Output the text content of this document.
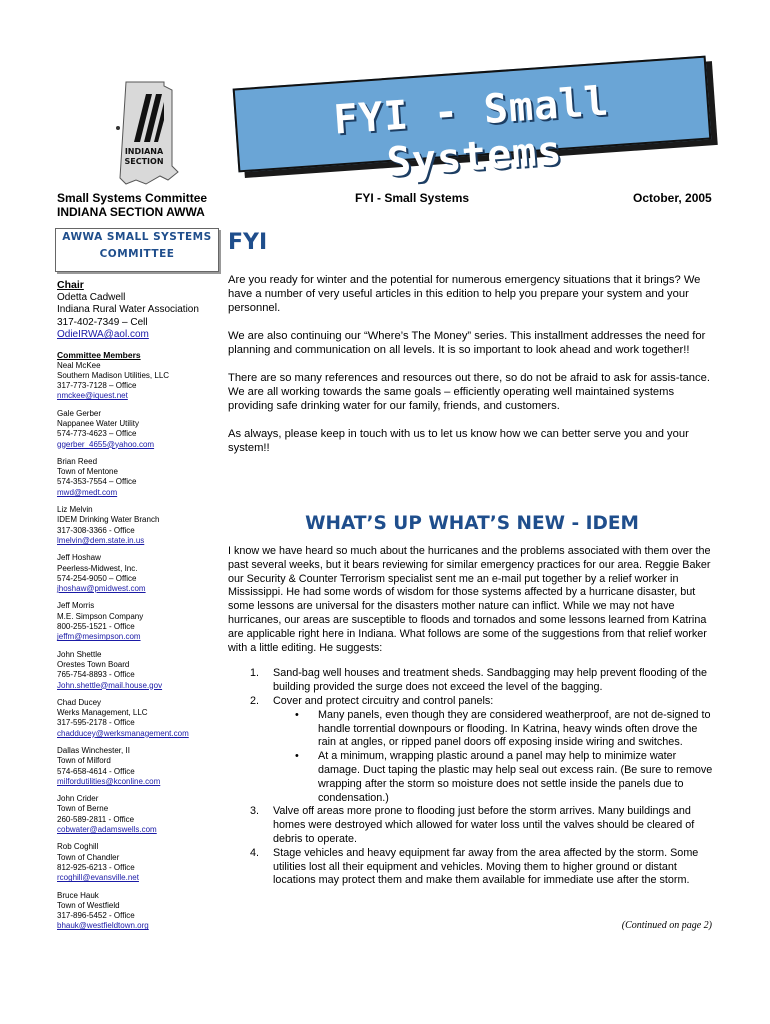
INDIANA
SECTION
FYI - Small Systems
Small Systems Committee
INDIANA SECTION AWWA
FYI - Small Systems	October, 2005
AWWA SMALL SYSTEMS
COMMITTEE
Chair
Odetta Cadwell
Indiana Rural Water Association
317-402-7349 – Cell
OdieIRWA@aol.com
Committee Members
Neal McKee
Southern Madison Utilities, LLC
317-773-7128 – Office
nmckee@iquest.net
Gale Gerber
Nappanee Water Utility
574-773-4623 – Office
ggerber_4655@yahoo.com
Brian Reed
Town of Mentone
574-353-7554 – Office
mwd@medt.com
Liz Melvin
IDEM Drinking Water Branch
317-308-3366 - Office
lmelvin@dem.state.in.us
Jeff Hoshaw
Peerless-Midwest, Inc.
574-254-9050 – Office
jhoshaw@pmidwest.com
Jeff Morris
M.E. Simpson Company
800-255-1521 - Office
jeffm@mesimpson.com
John Shettle
Orestes Town Board
765-754-8893 - Office
John.shettle@mail.house.gov
Chad Ducey
Werks Management, LLC
317-595-2178 - Office
chadducey@werksmanagement.com
Dallas Winchester, II
Town of Milford
574-658-4614 - Office
milfordutilities@kconline.com
John Crider
Town of Berne
260-589-2811 - Office
cobwater@adamswells.com
Rob Coghill
Town of Chandler
812-925-6213 - Office
rcoghill@evansville.net
Bruce Hauk
Town of Westfield
317-896-5452 - Office
bhauk@westfieldtown.org
FYI

Are you ready for winter and the potential for numerous emergency situations that it brings? We have a number of very useful articles in this edition to help you prepare your system and your personnel.

We are also continuing our “Where’s The Money” series. This installment addresses the need for planning and communication on all levels. It is so important to look ahead and work together!!

There are so many references and resources out there, so do not be afraid to ask for assis-tance. We are all working towards the same goals – efficiently operating well maintained systems providing safe drinking water for our family, friends, and customers.

As always, please keep in touch with us to let us know how we can better serve you and your system!!

WHAT’S UP WHAT’S NEW - IDEM

I know we have heard so much about the hurricanes and the problems associated with them over the past several weeks, but it bears reviewing for similar emergency practices for our area. Reggie Baker our Security & Counter Terrorism specialist sent me an e-mail put together by a relief worker in Mississippi. He had some words of wisdom for those systems affected by a hurricane disaster, but some lessons are universal for the disasters mother nature can inflict. While we may not have hurricanes, our areas are susceptible to floods and tornados and some lessons learned from Katrina are applicable right here in Indiana. What follows are some of the suggestions from that relief worker with a little editing. He suggests:

1. Sand-bag well houses and treatment sheds. Sandbagging may help prevent flooding of the building provided the surge does not exceed the level of the bagging.
2. Cover and protect circuitry and control panels:
• Many panels, even though they are considered weatherproof, are not de-signed to handle torrential downpours or flooding. In Katrina, heavy winds often drove the rain at angles, or ripped panel doors off exposing inside wiring and switches.
• At a minimum, wrapping plastic around a panel may help to minimize water damage. Duct taping the plastic may help seal out excess rain. (Be sure to remove wrapping after the storm so moisture does not settle inside the panels due to condensation.)
3. Valve off areas more prone to flooding just before the storm arrives. Many buildings and homes were destroyed which allowed for water loss until the valves should be cleared of debris to operate.
4. Stage vehicles and heavy equipment far away from the area affected by the storm. Some utilities lost all their equipment and vehicles. Moving them to higher ground or distant locations may protect them and make them available for immediate use after the storm.
(Continued on page 2)
